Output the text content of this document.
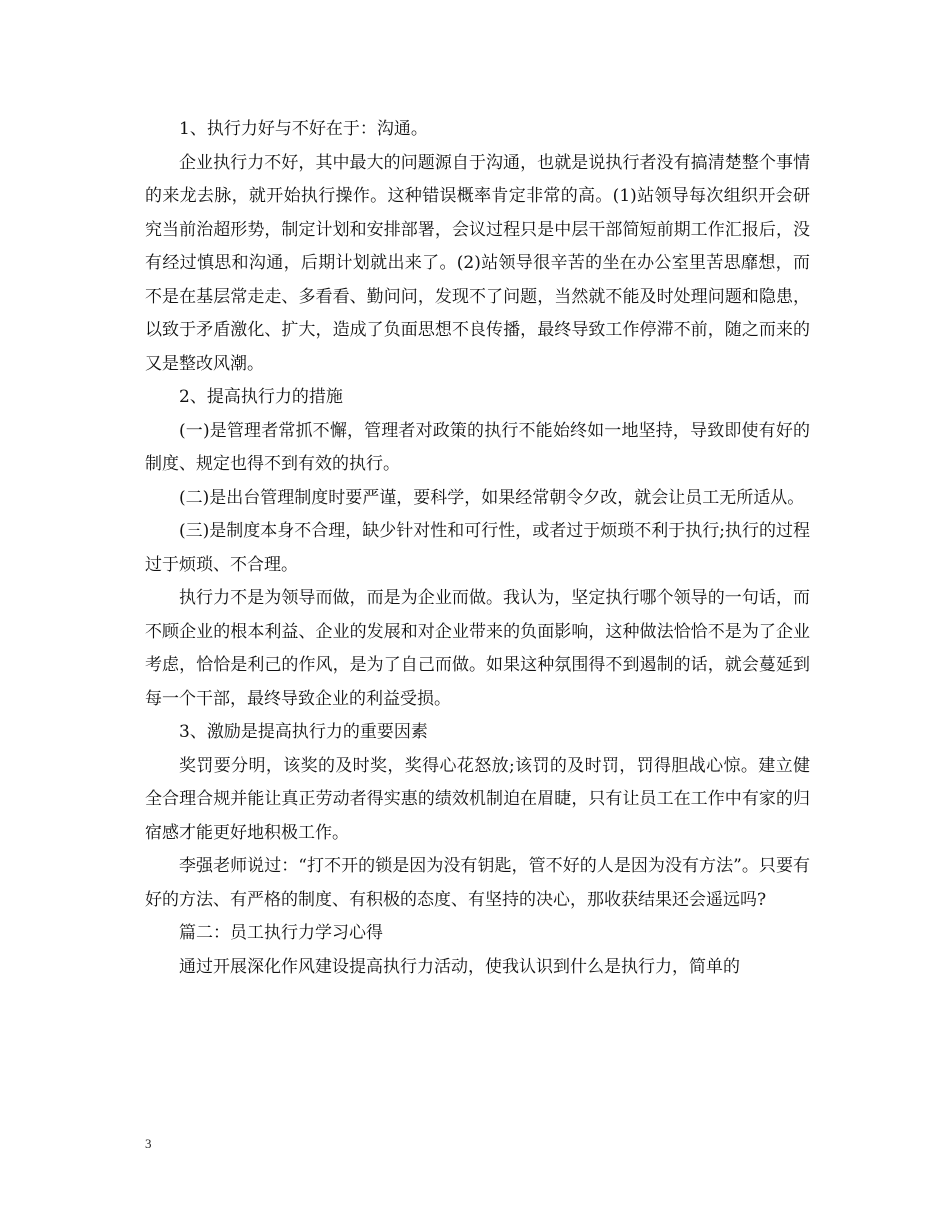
1、执行力好与不好在于：沟通。

企业执行力不好，其中最大的问题源自于沟通，也就是说执行者没有搞清楚整个事情的来龙去脉，就开始执行操作。这种错误概率肯定非常的高。(1)站领导每次组织开会研究当前治超形势，制定计划和安排部署，会议过程只是中层干部简短前期工作汇报后，没有经过慎思和沟通，后期计划就出来了。(2)站领导很辛苦的坐在办公室里苦思靡想，而不是在基层常走走、多看看、勤问问，发现不了问题，当然就不能及时处理问题和隐患，以致于矛盾激化、扩大，造成了负面思想不良传播，最终导致工作停滞不前，随之而来的又是整改风潮。

2、提高执行力的措施

(一)是管理者常抓不懈，管理者对政策的执行不能始终如一地坚持，导致即使有好的制度、规定也得不到有效的执行。

(二)是出台管理制度时要严谨，要科学，如果经常朝令夕改，就会让员工无所适从。

(三)是制度本身不合理，缺少针对性和可行性，或者过于烦琐不利于执行;执行的过程过于烦琐、不合理。

执行力不是为领导而做，而是为企业而做。我认为，坚定执行哪个领导的一句话，而不顾企业的根本利益、企业的发展和对企业带来的负面影响，这种做法恰恰不是为了企业考虑，恰恰是利己的作风，是为了自己而做。如果这种氛围得不到遏制的话，就会蔓延到每一个干部，最终导致企业的利益受损。

3、激励是提高执行力的重要因素

奖罚要分明，该奖的及时奖，奖得心花怒放;该罚的及时罚，罚得胆战心惊。建立健全合理合规并能让真正劳动者得实惠的绩效机制迫在眉睫，只有让员工在工作中有家的归宿感才能更好地积极工作。

李强老师说过：“打不开的锁是因为没有钥匙，管不好的人是因为没有方法”。只要有好的方法、有严格的制度、有积极的态度、有坚持的决心，那收获结果还会遥远吗?

篇二：员工执行力学习心得

通过开展深化作风建设提高执行力活动，使我认识到什么是执行力，简单的

3
